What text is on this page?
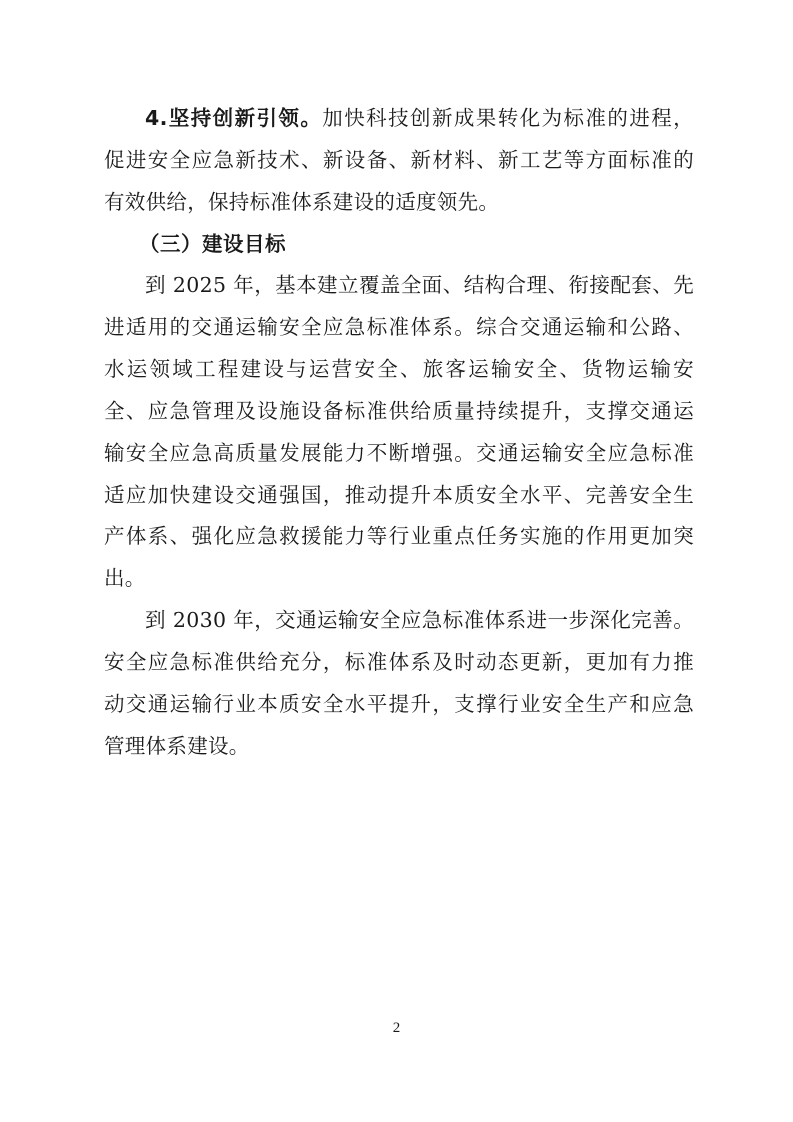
4.坚持创新引领。加快科技创新成果转化为标准的进程，
促进安全应急新技术、新设备、新材料、新工艺等方面标准的
有效供给，保持标准体系建设的适度领先。
（三）建设目标
到 2025 年，基本建立覆盖全面、结构合理、衔接配套、先
进适用的交通运输安全应急标准体系。综合交通运输和公路、
水运领域工程建设与运营安全、旅客运输安全、货物运输安
全、应急管理及设施设备标准供给质量持续提升，支撑交通运
输安全应急高质量发展能力不断增强。交通运输安全应急标准
适应加快建设交通强国，推动提升本质安全水平、完善安全生
产体系、强化应急救援能力等行业重点任务实施的作用更加突
出。
到 2030 年，交通运输安全应急标准体系进一步深化完善。
安全应急标准供给充分，标准体系及时动态更新，更加有力推
动交通运输行业本质安全水平提升，支撑行业安全生产和应急
管理体系建设。
2
